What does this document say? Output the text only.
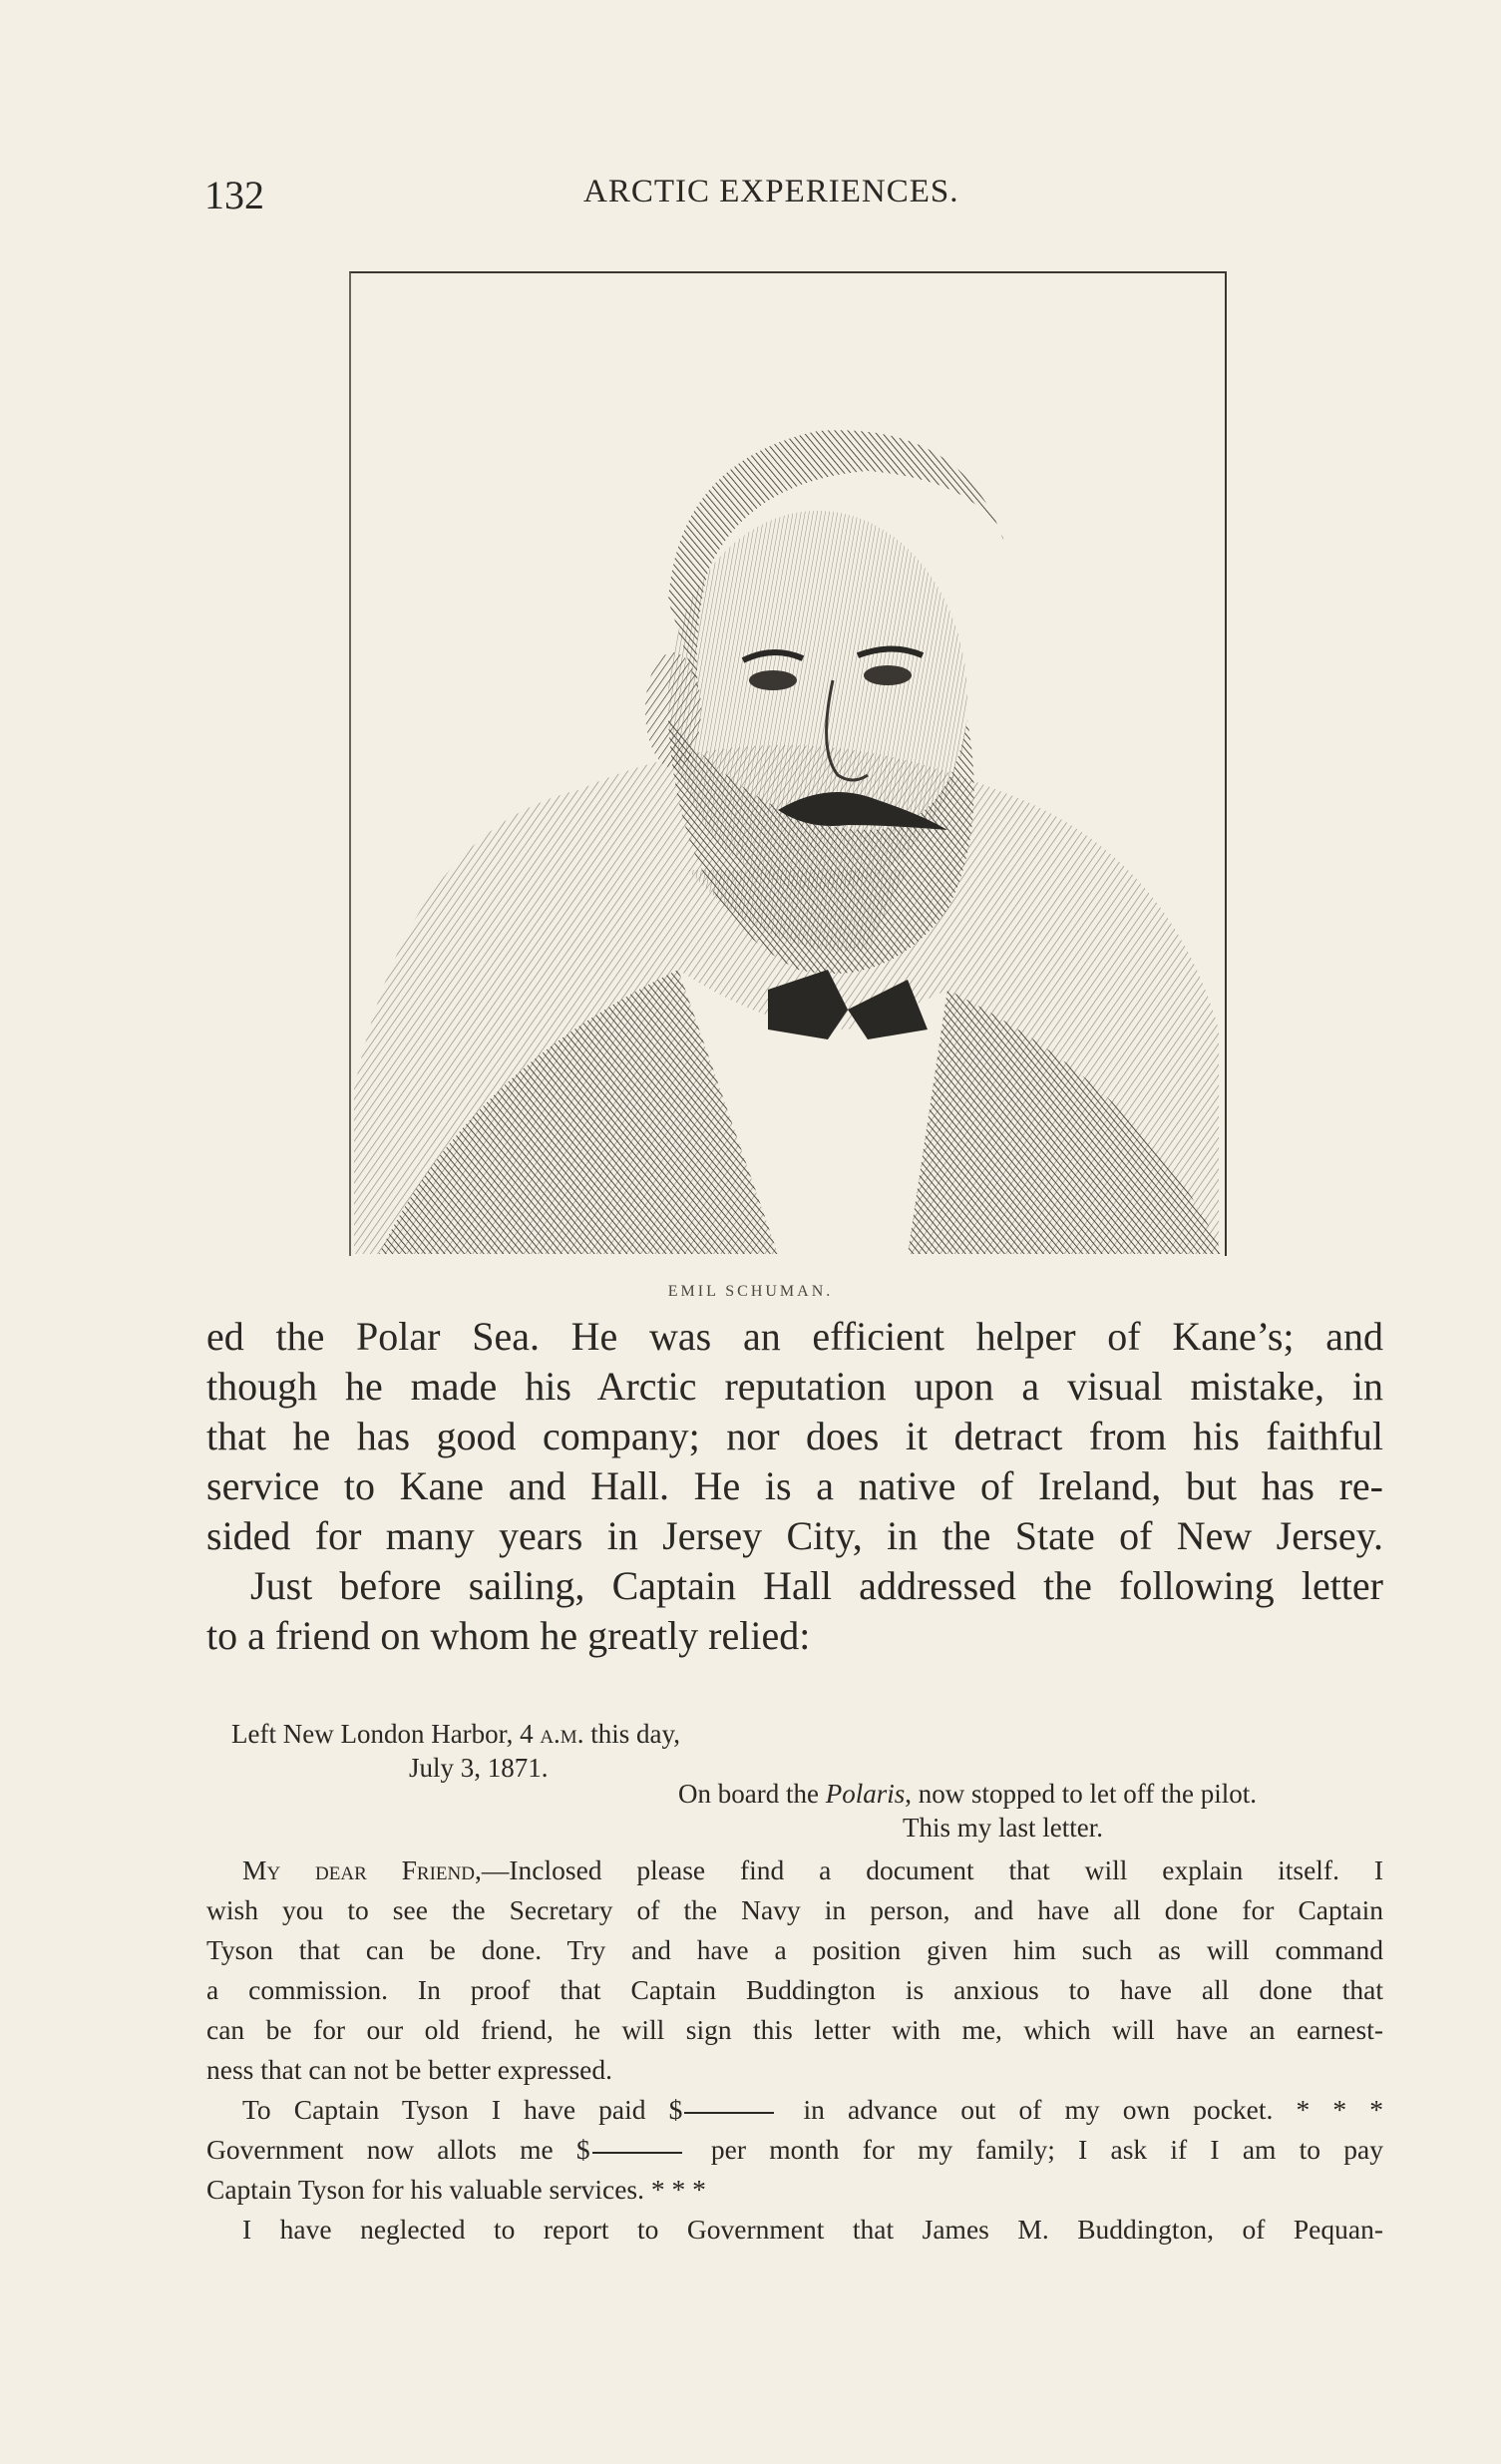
132	ARCTIC EXPERIENCES.
EMIL SCHUMAN.
ed the Polar Sea. He was an efficient helper of Kane’s; and
though he made his Arctic reputation upon a visual mistake, in
that he has good company; nor does it detract from his faithful
service to Kane and Hall. He is a native of Ireland, but has re-
sided for many years in Jersey City, in the State of New Jersey.
Just before sailing, Captain Hall addressed the following letter
to a friend on whom he greatly relied:
Left New London Harbor, 4 a.m. this day,
July 3, 1871.
On board the Polaris, now stopped to let off the pilot.
This my last letter.
My dear Friend,—Inclosed please find a document that will explain itself. I
wish you to see the Secretary of the Navy in person, and have all done for Captain
Tyson that can be done. Try and have a position given him such as will command
a commission. In proof that Captain Buddington is anxious to have all done that
can be for our old friend, he will sign this letter with me, which will have an earnest-
ness that can not be better expressed.
To Captain Tyson I have paid $	in advance out of my own pocket. * * *
Government now allots me $	per month for my family; I ask if I am to pay
Captain Tyson for his valuable services. * * *
I have neglected to report to Government that James M. Buddington, of Pequan-
